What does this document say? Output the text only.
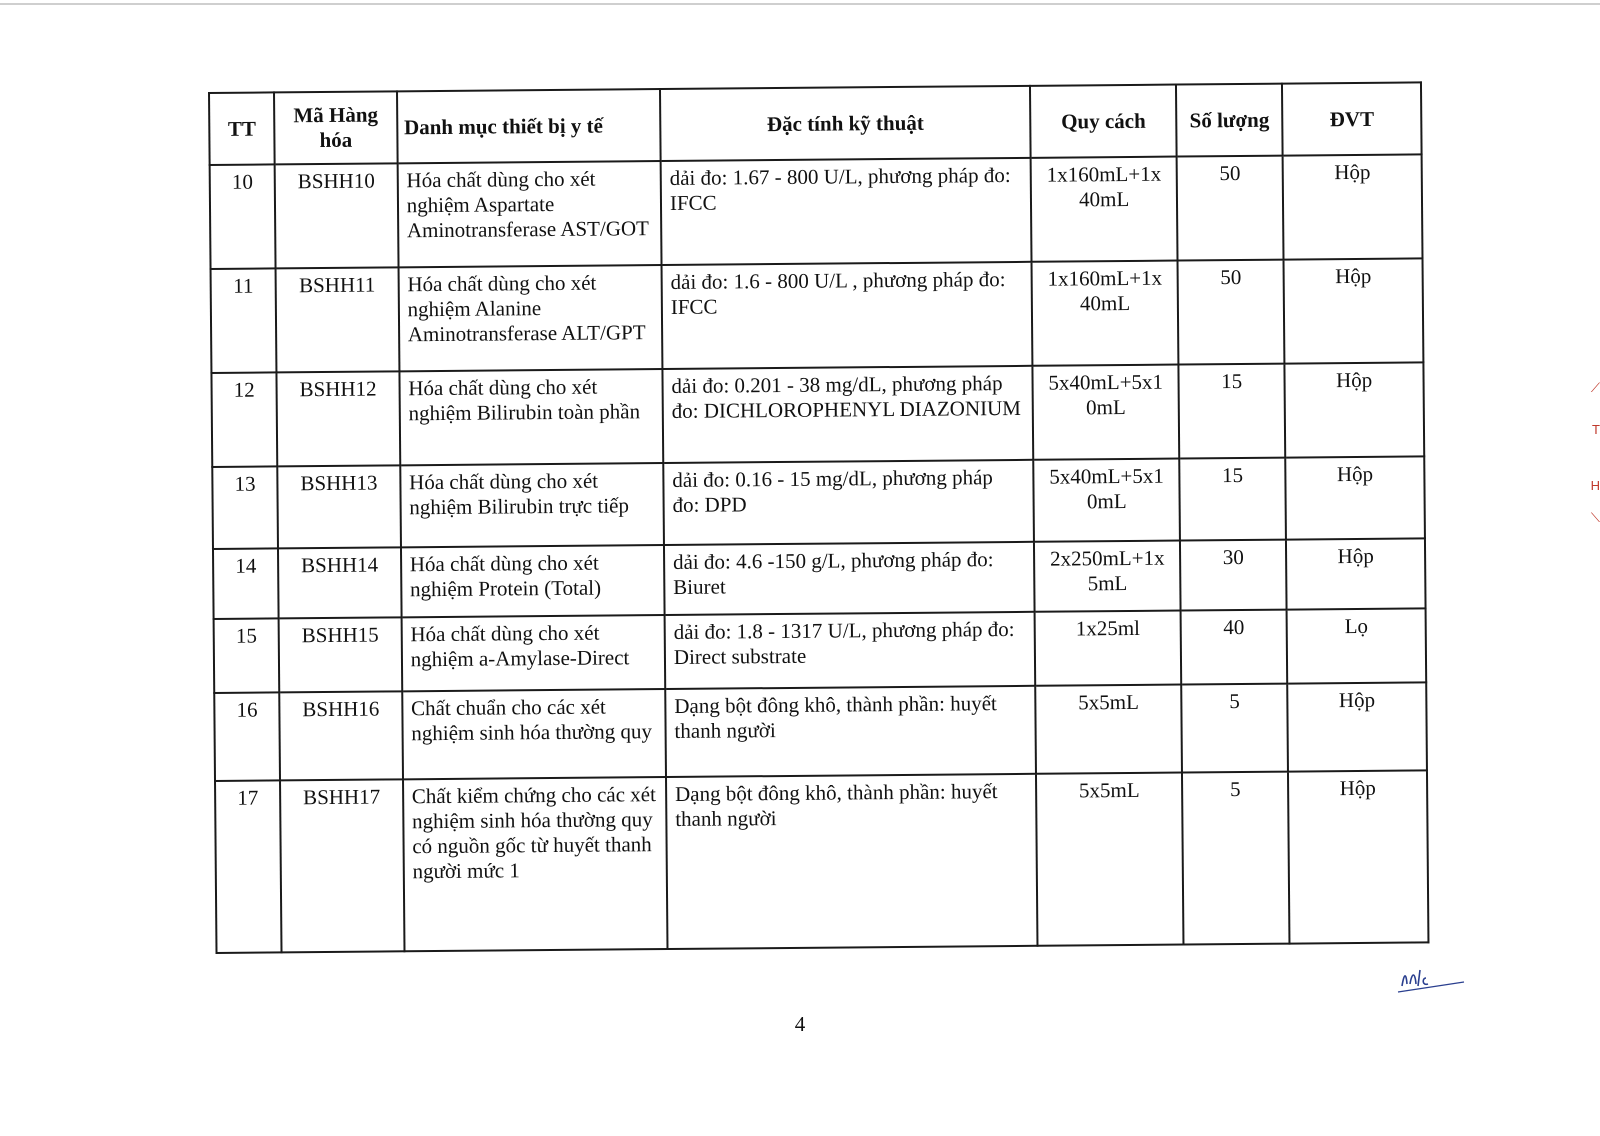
TT	Mã Hàng hóa	Danh mục thiết bị y tế	Đặc tính kỹ thuật	Quy cách	Số lượng	ĐVT
10	BSHH10	Hóa chất dùng cho xét nghiệm Aspartate Aminotransferase AST/GOT	dải đo: 1.67 - 800 U/L, phương pháp đo: IFCC	1x160mL+1x 40mL	50	Hộp
11	BSHH11	Hóa chất dùng cho xét nghiệm Alanine Aminotransferase ALT/GPT	dải đo: 1.6 - 800 U/L , phương pháp đo: IFCC	1x160mL+1x 40mL	50	Hộp
12	BSHH12	Hóa chất dùng cho xét nghiệm Bilirubin toàn phần	dải đo: 0.201 - 38 mg/dL, phương pháp đo: DICHLOROPHENYL DIAZONIUM	5x40mL+5x1 0mL	15	Hộp
13	BSHH13	Hóa chất dùng cho xét nghiệm Bilirubin trực tiếp	dải đo: 0.16 - 15 mg/dL, phương pháp đo: DPD	5x40mL+5x1 0mL	15	Hộp
14	BSHH14	Hóa chất dùng cho xét nghiệm Protein (Total)	dải đo: 4.6 -150 g/L, phương pháp đo: Biuret	2x250mL+1x 5mL	30	Hộp
15	BSHH15	Hóa chất dùng cho xét nghiệm a-Amylase-Direct	dải đo: 1.8 - 1317 U/L, phương pháp đo: Direct substrate	1x25ml	40	Lọ
16	BSHH16	Chất chuẩn cho các xét nghiệm sinh hóa thường quy	Dạng bột đông khô, thành phần: huyết thanh người	5x5mL	5	Hộp
17	BSHH17	Chất kiểm chứng cho các xét nghiệm sinh hóa thường quy có nguồn gốc từ huyết thanh người mức 1	Dạng bột đông khô, thành phần: huyết thanh người	5x5mL	5	Hộp
⟋
T
H
⟍
4
